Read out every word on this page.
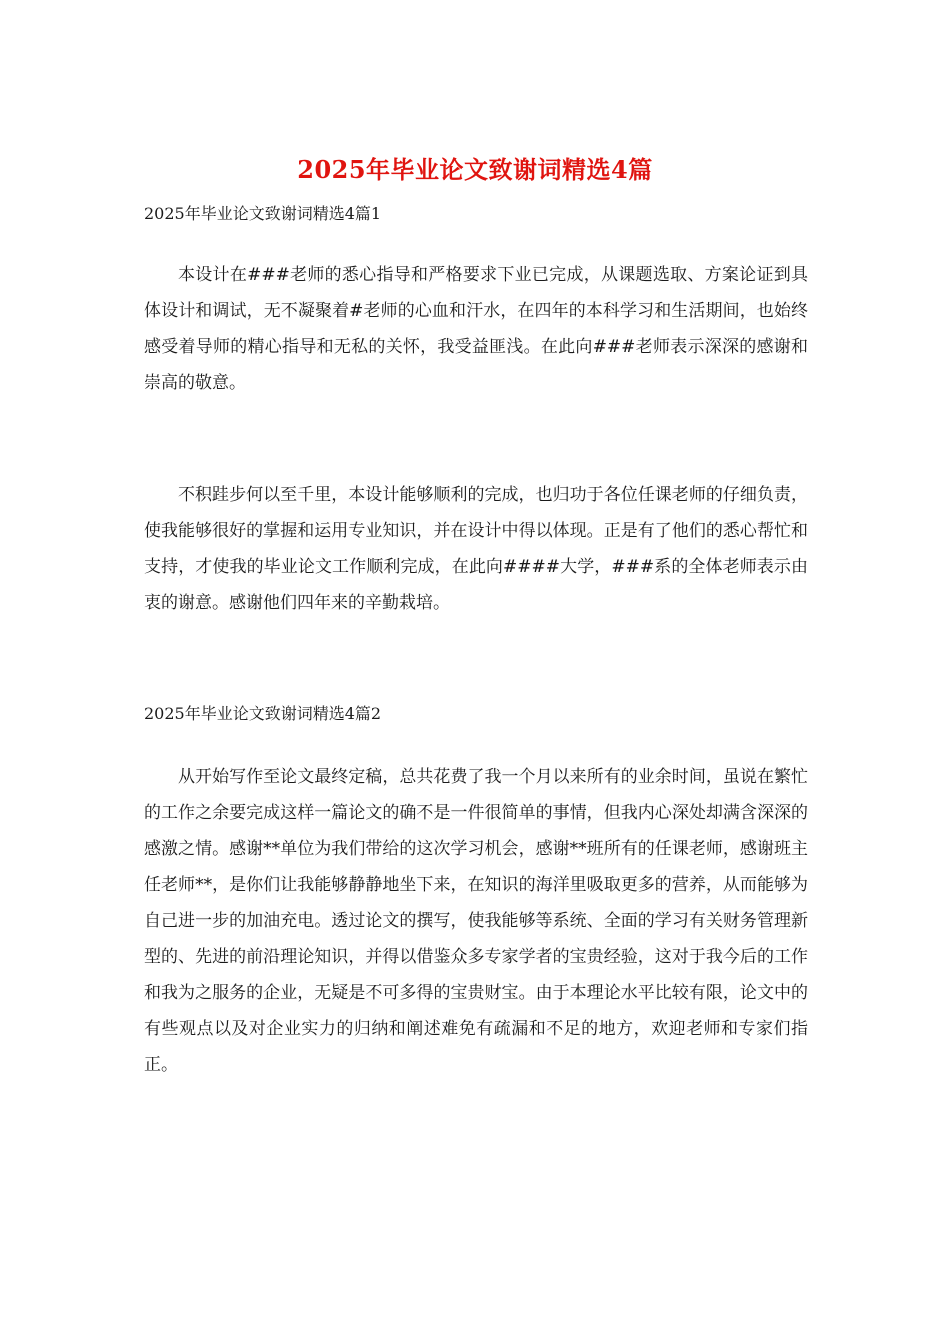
2025年毕业论文致谢词精选4篇
2025年毕业论文致谢词精选4篇1

本设计在###老师的悉心指导和严格要求下业已完成，从课题选取、方案论证到具体设计和调试，无不凝聚着#老师的心血和汗水，在四年的本科学习和生活期间，也始终感受着导师的精心指导和无私的关怀，我受益匪浅。在此向###老师表示深深的感谢和崇高的敬意。

不积跬步何以至千里，本设计能够顺利的完成，也归功于各位任课老师的仔细负责，使我能够很好的掌握和运用专业知识，并在设计中得以体现。正是有了他们的悉心帮忙和支持，才使我的毕业论文工作顺利完成，在此向####大学，###系的全体老师表示由衷的谢意。感谢他们四年来的辛勤栽培。

2025年毕业论文致谢词精选4篇2

从开始写作至论文最终定稿，总共花费了我一个月以来所有的业余时间，虽说在繁忙的工作之余要完成这样一篇论文的确不是一件很简单的事情，但我内心深处却满含深深的感激之情。感谢**单位为我们带给的这次学习机会，感谢**班所有的任课老师，感谢班主任老师**，是你们让我能够静静地坐下来，在知识的海洋里吸取更多的营养，从而能够为自己进一步的加油充电。透过论文的撰写，使我能够等系统、全面的学习有关财务管理新型的、先进的前沿理论知识，并得以借鉴众多专家学者的宝贵经验，这对于我今后的工作和我为之服务的企业，无疑是不可多得的宝贵财宝。由于本理论水平比较有限，论文中的有些观点以及对企业实力的归纳和阐述难免有疏漏和不足的地方，欢迎老师和专家们指正。
